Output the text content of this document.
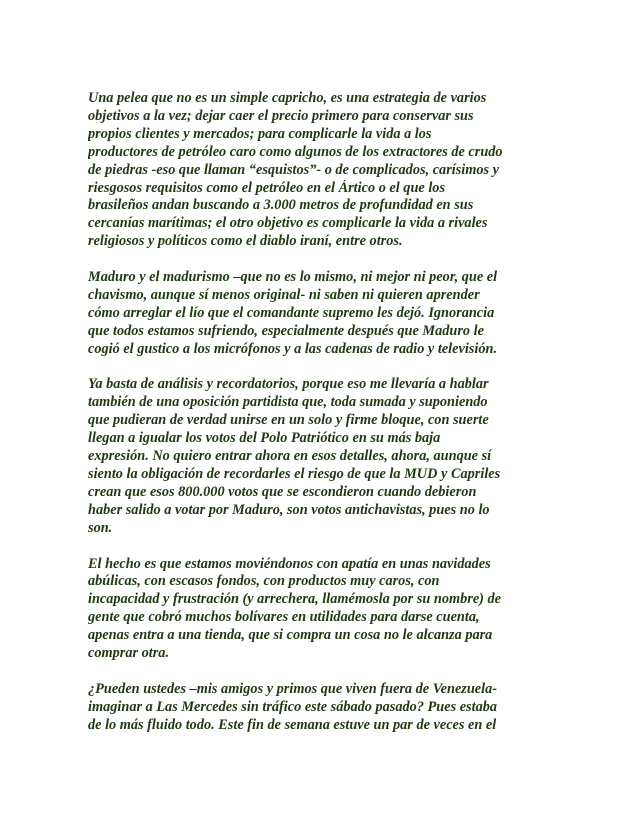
Una pelea que no es un simple capricho, es una estrategia de varios
objetivos a la vez; dejar caer el precio primero para conservar sus
propios clientes y mercados; para complicarle la vida a los
productores de petróleo caro como algunos de los extractores de crudo
de piedras -eso que llaman “esquistos”- o de complicados, carísimos y
riesgosos requisitos como el petróleo en el Ártico o el que los
brasileños andan buscando a 3.000 metros de profundidad en sus
cercanías marítimas; el otro objetivo es complicarle la vida a rivales
religiosos y políticos como el diablo iraní, entre otros.

Maduro y el madurismo –que no es lo mismo, ni mejor ni peor, que el
chavismo, aunque sí menos original- ni saben ni quieren aprender
cómo arreglar el lío que el comandante supremo les dejó. Ignorancia
que todos estamos sufriendo, especialmente después que Maduro le
cogió el gustico a los micrófonos y a las cadenas de radio y televisión.

Ya basta de análisis y recordatorios, porque eso me llevaría a hablar
también de una oposición partidista que, toda sumada y suponiendo
que pudieran de verdad unirse en un solo y firme bloque, con suerte
llegan a igualar los votos del Polo Patriótico en su más baja
expresión. No quiero entrar ahora en esos detalles, ahora, aunque sí
siento la obligación de recordarles el riesgo de que la MUD y Capriles
crean que esos 800.000 votos que se escondieron cuando debieron
haber salido a votar por Maduro, son votos antichavistas, pues no lo
son.

El hecho es que estamos moviéndonos con apatía en unas navidades
abúlicas, con escasos fondos, con productos muy caros, con
incapacidad y frustración (y arrechera, llamémosla por su nombre) de
gente que cobró muchos bolívares en utilidades para darse cuenta,
apenas entra a una tienda, que si compra un cosa no le alcanza para
comprar otra.

¿Pueden ustedes –mis amigos y primos que viven fuera de Venezuela-
imaginar a Las Mercedes sin tráfico este sábado pasado? Pues estaba
de lo más fluido todo. Este fin de semana estuve un par de veces en el
